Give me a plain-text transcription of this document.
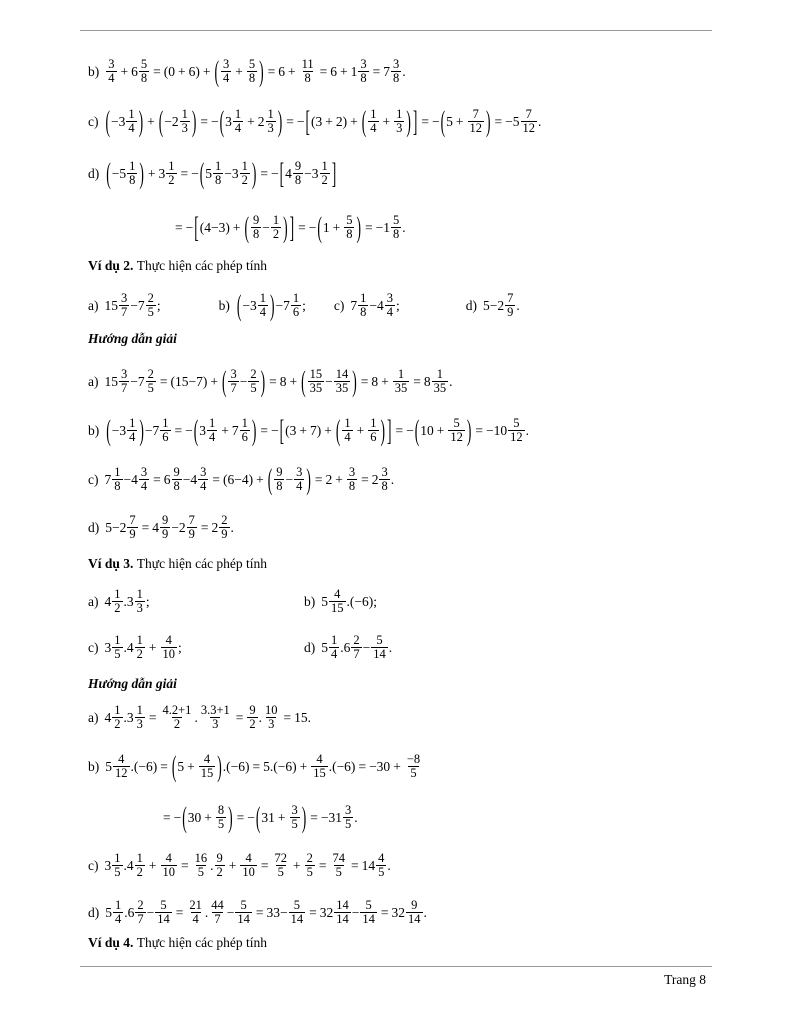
$b) \frac{3}{4} + 6 \frac{5}{8} = (0 + 6)$ + ( $\frac{3}{4} + \frac{5}{8}$ ) = $6 + \frac{11}{8} = 6 + 1 \frac{3}{8} = 7 \frac{3}{8}$ .
c) ( $-3 \frac{1}{4}$ ) + ( $-2 \frac{1}{3}$ ) = − ( $3 \frac{1}{4} + 2 \frac{1}{3}$ ) = − [ (3 + 2) + ( $\frac{1}{4} + \frac{1}{3}$ ) ] = − ( $5 + \frac{7}{12}$ ) = $-5 \frac{7}{12}$ .
d) ( $-5 \frac{1}{8}$ ) + $3 \frac{1}{2}$ = − ( $5 \frac{1}{8} -3 \frac{1}{2}$ ) = − [ $4 \frac{9}{8} -3 \frac{1}{2}$ ]
= − [ (4−3) + ( $\frac{9}{8} - \frac{1}{2}$ ) ] = − ( $1 + \frac{5}{8}$ ) = $-1 \frac{5}{8}$ .
Ví dụ 2.
Thực hiện các phép tính
a) $15 \frac{3}{7} -7 \frac{2}{5}$ ;	b) ( $-3 \frac{1}{4}$ ) $-7 \frac{1}{6}$ ; c) $7 \frac{1}{8} -4 \frac{3}{4}$ ;	d) $5-2 \frac{7}{9}$ .
Hướng dẫn giải
a) $15 \frac{3}{7} -7 \frac{2}{5} = (15-7)$ + ( $\frac{3}{7} - \frac{2}{5}$ ) = 8 + ( $\frac{15}{35} - \frac{14}{35}$ ) = $8 + \frac{1}{35} = 8 \frac{1}{35}$ .
b) ( $-3 \frac{1}{4}$ ) $-7 \frac{1}{6}$ = − ( $3 \frac{1}{4} + 7 \frac{1}{6}$ ) = − [ (3 + 7) + ( $\frac{1}{4} + \frac{1}{6}$ ) ] = − ( $10 + \frac{5}{12}$ ) = $-10 \frac{5}{12}$ .
c) $7 \frac{1}{8} -4 \frac{3}{4} = 6 \frac{9}{8} -4 \frac{3}{4} = (6-4)$ + ( $\frac{9}{8} - \frac{3}{4}$ ) = $2 + \frac{3}{8} = 2 \frac{3}{8}$ .
d) $5-2 \frac{7}{9} = 4 \frac{9}{9} -2 \frac{7}{9} = 2 \frac{2}{9}$ .
Ví dụ 3.
Thực hiện các phép tính
a) $4 \frac{1}{2} .3 \frac{1}{3}$ ;	b) $5 \frac{4}{15} .(-6)$;
c) $3 \frac{1}{5} .4 \frac{1}{2} + \frac{4}{10}$ ;	d) $5 \frac{1}{4} .6 \frac{2}{7} - \frac{5}{14}$ .
Hướng dẫn giải
a) $4 \frac{1}{2} .3 \frac{1}{3} = \frac{4.2+1}{2}$ . $\frac{3.3+1}{3} = \frac{9}{2}$ . $\frac{10}{3} = 15$.
b) $5 \frac{4}{12} .(-6)$ = ( $5 + \frac{4}{15}$ ) $.(-6) = 5.(-6) + \frac{4}{15} .(-6) = -30 + \frac{-8}{5}$
= − ( $30 + \frac{8}{5}$ ) = − ( $31 + \frac{3}{5}$ ) = $-31 \frac{3}{5}$ .
c) $3 \frac{1}{5} .4 \frac{1}{2} + \frac{4}{10} = \frac{16}{5}$ . $\frac{9}{2} + \frac{4}{10} = \frac{72}{5} + \frac{2}{5} = \frac{74}{5} = 14 \frac{4}{5}$ .
d) $5 \frac{1}{4} .6 \frac{2}{7} - \frac{5}{14} = \frac{21}{4}$ . $\frac{44}{7} - \frac{5}{14} = 33- \frac{5}{14} = 32 \frac{14}{14} - \frac{5}{14} = 32 \frac{9}{14}$ .
Ví dụ 4.
Thực hiện các phép tính
Trang 8
